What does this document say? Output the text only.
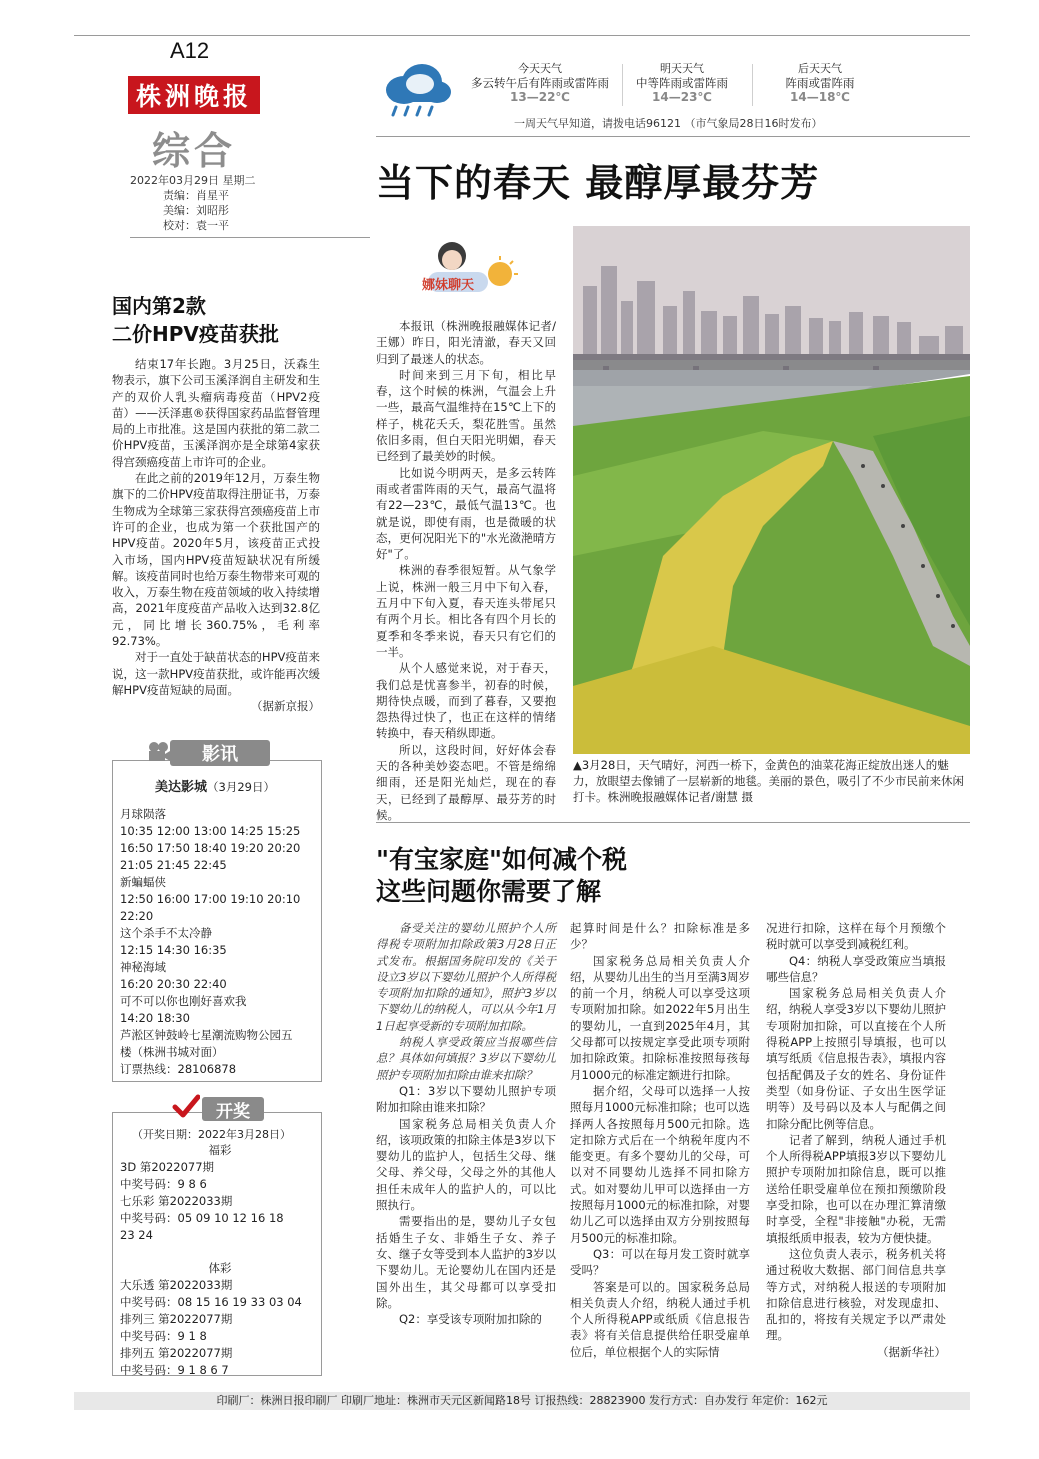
A12
株洲晚报
综合
2022年03月29日 星期二
责编：肖星平
美编：刘昭彤
校对：袁一平
今天天气
多云转午后有阵雨或雷阵雨
13—22℃
明天天气
中等阵雨或雷阵雨
14—23℃
后天天气
阵雨或雷阵雨
14—18℃
一周天气早知道，请拨电话96121 （市气象局28日16时发布）
当下的春天 最醇厚最芬芳
娜妹聊天

本报讯（株洲晚报融媒体记者/王娜）昨日，阳光清澈，春天又回归到了最迷人的状态。

时间来到三月下旬，相比早春，这个时候的株洲，气温会上升一些，最高气温维持在15℃上下的样子，桃花夭夭，梨花胜雪。虽然依旧多雨，但白天阳光明媚，春天已经到了最美妙的时候。

比如说今明两天，是多云转阵雨或者雷阵雨的天气，最高气温将有22—23℃，最低气温13℃。也就是说，即使有雨，也是微暖的状态，更何况阳光下的"水光潋滟晴方好"了。

株洲的春季很短暂。从气象学上说，株洲一般三月中下旬入春，五月中下旬入夏，春天连头带尾只有两个月长。相比各有四个月长的夏季和冬季来说，春天只有它们的一半。

从个人感觉来说，对于春天，我们总是忧喜参半，初春的时候，期待快点暖，而到了暮春，又要抱怨热得过快了，也正在这样的情绪转换中，春天稍纵即逝。

所以，这段时间，好好体会春天的各种美妙姿态吧。不管是绵绵细雨，还是阳光灿烂，现在的春天，已经到了最醇厚、最芬芳的时候。

▲3月28日，天气晴好，河西一桥下，金黄色的油菜花海正绽放出迷人的魅力，放眼望去像铺了一层崭新的地毯。美丽的景色，吸引了不少市民前来休闲打卡。株洲晚报融媒体记者/谢慧 摄
国内第2款
二价HPV疫苗获批

结束17年长跑。3月25日，沃森生物表示，旗下公司玉溪泽润自主研发和生产的双价人乳头瘤病毒疫苗（HPV2疫苗）——沃泽惠®获得国家药品监督管理局的上市批准。这是国内获批的第二款二价HPV疫苗，玉溪泽润亦是全球第4家获得宫颈癌疫苗上市许可的企业。

在此之前的2019年12月，万泰生物旗下的二价HPV疫苗取得注册证书，万泰生物成为全球第三家获得宫颈癌疫苗上市许可的企业，也成为第一个获批国产的HPV疫苗。2020年5月，该疫苗正式投入市场，国内HPV疫苗短缺状况有所缓解。该疫苗同时也给万泰生物带来可观的收入，万泰生物在疫苗领域的收入持续增高，2021年度疫苗产品收入达到32.8亿元，同比增长360.75%，毛利率92.73%。

对于一直处于缺苗状态的HPV疫苗来说，这一款HPV疫苗获批，或许能再次缓解HPV疫苗短缺的局面。

（据新京报）

影讯
美达影城（3月29日）
月球陨落
10:35 12:00 13:00 14:25 15:25
16:50 17:50 18:40 19:20 20:20
21:05 21:45 22:45
新蝙蝠侠
12:50 16:00 17:00 19:10 20:10
22:20
这个杀手不太冷静
12:15 14:30 16:35
神秘海域
16:20 20:30 22:40
可不可以你也刚好喜欢我
14:20 18:30
芦淞区钟鼓岭七星潮流购物公园五
楼（株洲书城对面）
订票热线：28106878
开奖
（开奖日期：2022年3月28日）
福彩
3D 第2022077期
中奖号码：9 8 6
七乐彩 第2022033期
中奖号码：05 09 10 12 16 18
23 24
体彩
大乐透 第2022033期
中奖号码：08 15 16 19 33 03 04
排列三 第2022077期
中奖号码：9 1 8
排列五 第2022077期
中奖号码：9 1 8 6 7
"有宝家庭"如何减个税
这些问题你需要了解

备受关注的婴幼儿照护个人所得税专项附加扣除政策3月28日正式发布。根据国务院印发的《关于设立3岁以下婴幼儿照护个人所得税专项附加扣除的通知》，照护3岁以下婴幼儿的纳税人，可以从今年1月1日起享受新的专项附加扣除。

纳税人享受政策应当报哪些信息？具体如何填报？3岁以下婴幼儿照护专项附加扣除由谁来扣除？

Q1：3岁以下婴幼儿照护专项附加扣除由谁来扣除？

国家税务总局相关负责人介绍，该项政策的扣除主体是3岁以下婴幼儿的监护人，包括生父母、继父母、养父母，父母之外的其他人担任未成年人的监护人的，可以比照执行。

需要指出的是，婴幼儿子女包括婚生子女、非婚生子女、养子女、继子女等受到本人监护的3岁以下婴幼儿。无论婴幼儿在国内还是国外出生，其父母都可以享受扣除。

Q2：享受该专项附加扣除的

起算时间是什么？扣除标准是多少？

国家税务总局相关负责人介绍，从婴幼儿出生的当月至满3周岁的前一个月，纳税人可以享受这项专项附加扣除。如2022年5月出生的婴幼儿，一直到2025年4月，其父母都可以按规定享受此项专项附加扣除政策。扣除标准按照每孩每月1000元的标准定额进行扣除。

据介绍，父母可以选择一人按照每月1000元标准扣除；也可以选择两人各按照每月500元扣除。选定扣除方式后在一个纳税年度内不能变更。有多个婴幼儿的父母，可以对不同婴幼儿选择不同扣除方式。如对婴幼儿甲可以选择由一方按照每月1000元的标准扣除，对婴幼儿乙可以选择由双方分别按照每月500元的标准扣除。

Q3：可以在每月发工资时就享受吗？

答案是可以的。国家税务总局相关负责人介绍，纳税人通过手机个人所得税APP或纸质《信息报告表》将有关信息提供给任职受雇单位后，单位根据个人的实际情

况进行扣除，这样在每个月预缴个税时就可以享受到减税红利。

Q4：纳税人享受政策应当填报哪些信息？

国家税务总局相关负责人介绍，纳税人享受3岁以下婴幼儿照护专项附加扣除，可以直接在个人所得税APP上按照引导填报，也可以填写纸质《信息报告表》，填报内容包括配偶及子女的姓名、身份证件类型（如身份证、子女出生医学证明等）及号码以及本人与配偶之间扣除分配比例等信息。

记者了解到，纳税人通过手机个人所得税APP填报3岁以下婴幼儿照护专项附加扣除信息，既可以推送给任职受雇单位在预扣预缴阶段享受扣除，也可以在办理汇算清缴时享受，全程"非接触"办税，无需填报纸质申报表，较为方便快捷。

这位负责人表示，税务机关将通过税收大数据、部门间信息共享等方式，对纳税人报送的专项附加扣除信息进行核验，对发现虚扣、乱扣的，将按有关规定予以严肃处理。

（据新华社）

印刷厂：株洲日报印刷厂 印刷厂地址：株洲市天元区新闻路18号 订报热线：28823900 发行方式：自办发行 年定价：162元
